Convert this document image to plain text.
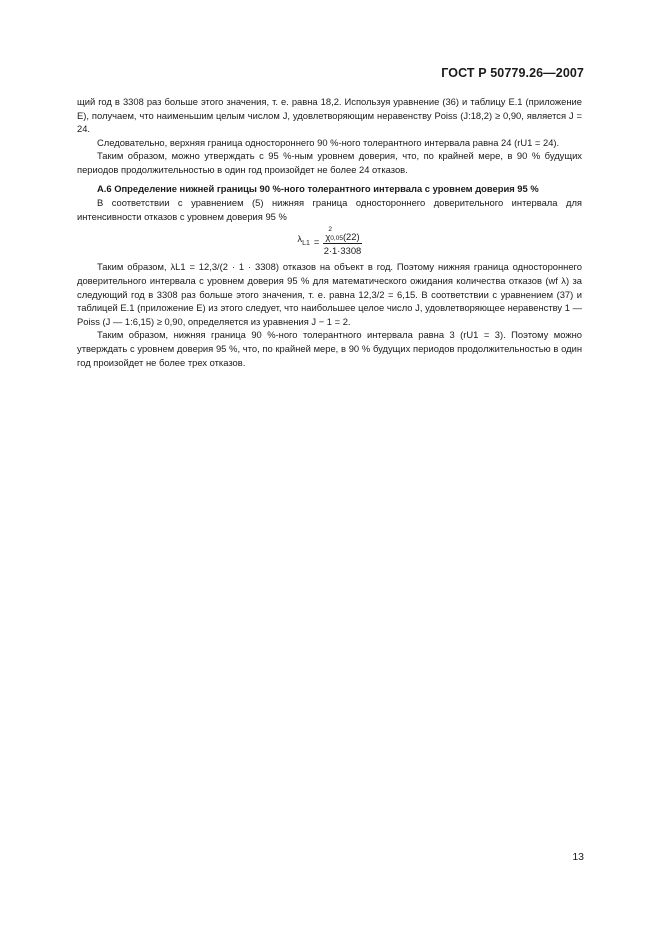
ГОСТ Р 50779.26—2007

щий год в 3308 раз больше этого значения, т. е. равна 18,2. Используя уравнение (36) и таблицу Е.1 (приложение Е), получаем, что наименьшим целым числом J, удовлетворяющим неравенству Poiss (J:18,2) ≥ 0,90, является J = 24.

Следовательно, верхняя граница одностороннего 90 %-ного толерантного интервала равна 24 (rU1 = 24).

Таким образом, можно утверждать с 95 %-ным уровнем доверия, что, по крайней мере, в 90 % будущих периодов продолжительностью в один год произойдет не более 24 отказов.

А.6 Определение нижней границы 90 %-ного толерантного интервала с уровнем доверия 95 %

В соответствии с уравнением (5) нижняя граница одностороннего доверительного интервала для интенсивности отказов с уровнем доверия 95 %

$\lambda_{L1} = 2$
χ0,05 (22)
2·1·3308

Таким образом, λL1 = 12,3/(2 · 1 · 3308) отказов на объект в год. Поэтому нижняя граница одностороннего доверительного интервала с уровнем доверия 95 % для математического ожидания количества отказов (wf λ) за следующий год в 3308 раз больше этого значения, т. е. равна 12,3/2 = 6,15. В соответствии с уравнением (37) и таблицей Е.1 (приложение Е) из этого следует, что наибольшее целое число J, удовлетворяющее неравенству 1 — Poiss (J — 1:6,15) ≥ 0,90, определяется из уравнения J − 1 = 2.

Таким образом, нижняя граница 90 %-ного толерантного интервала равна 3 (rU1 = 3). Поэтому можно утверждать с уровнем доверия 95 %, что, по крайней мере, в 90 % будущих периодов продолжительностью в один год произойдет не более трех отказов.

13
